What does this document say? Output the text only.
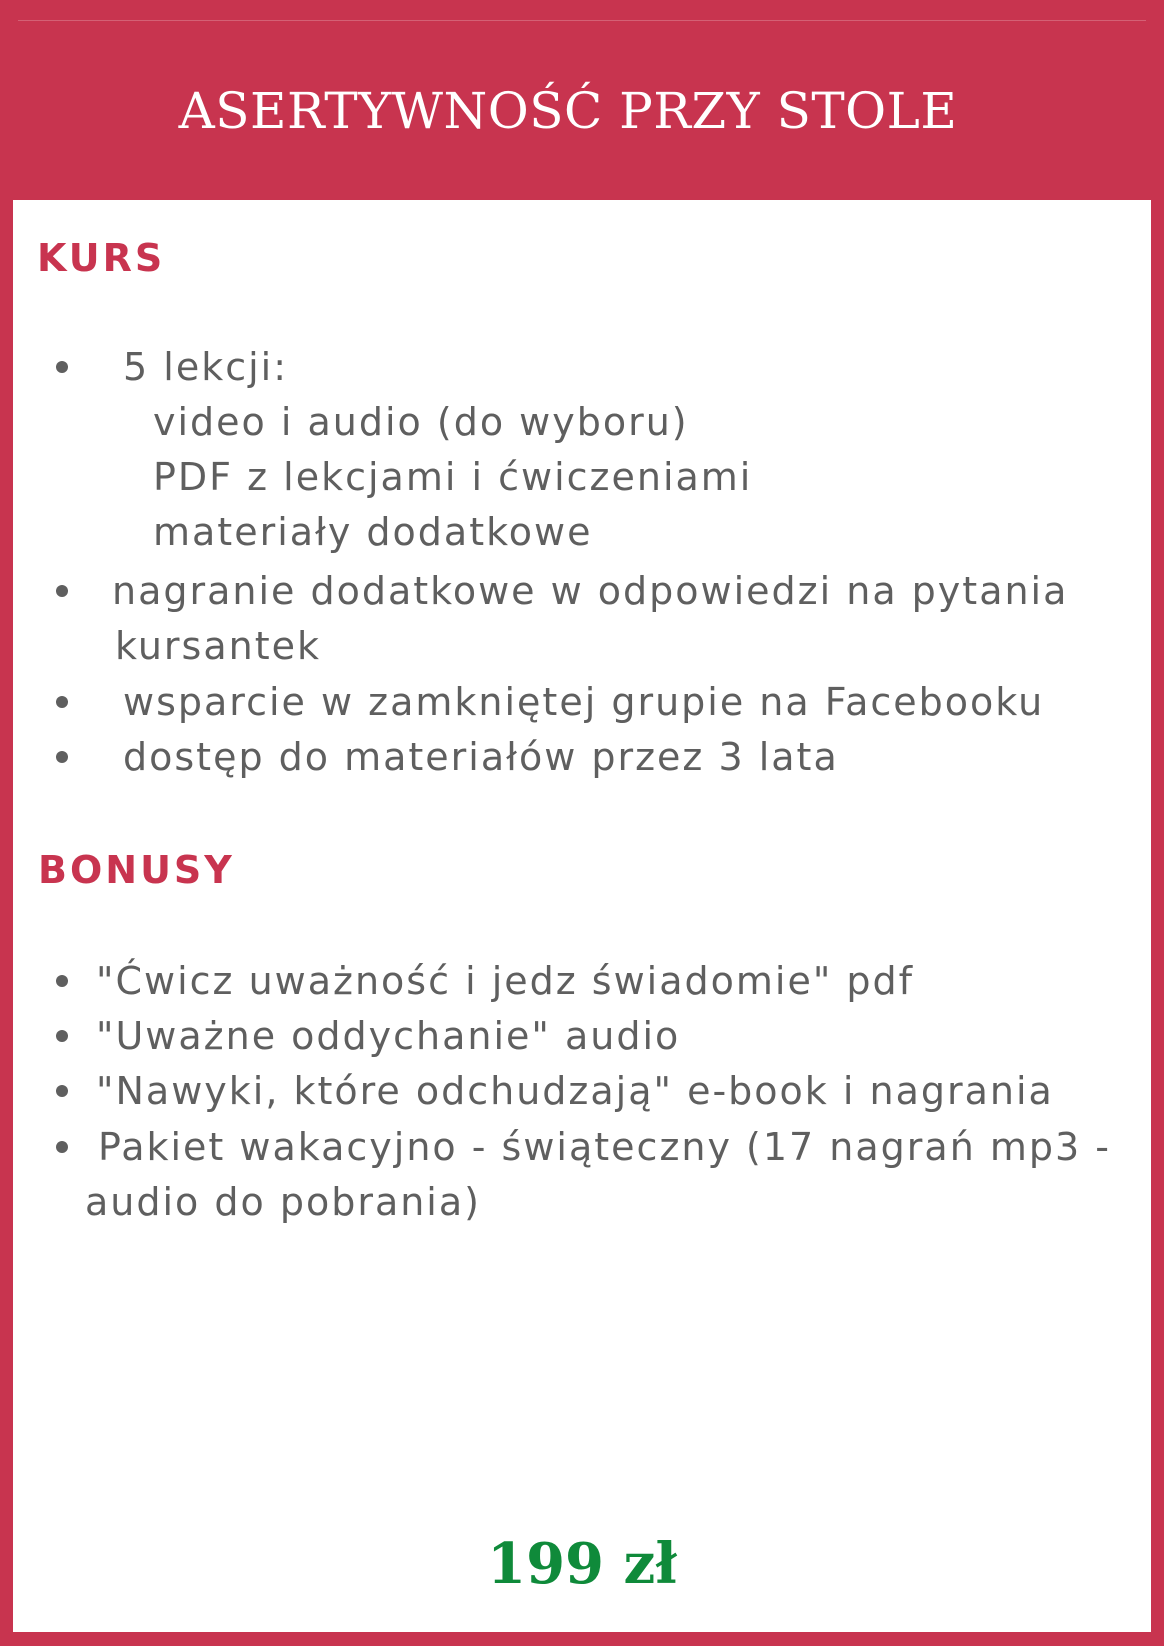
ASERTYWNOŚĆ PRZY STOLE
KURS
5 lekcji:
video i audio (do wyboru)
PDF z lekcjami i ćwiczeniami
materiały dodatkowe
nagranie dodatkowe w odpowiedzi na pytania
kursantek
wsparcie w zamkniętej grupie na Facebooku
dostęp do materiałów przez 3 lata
BONUSY
"Ćwicz uważność i jedz świadomie" pdf
"Uważne oddychanie" audio
"Nawyki, które odchudzają" e-book i nagrania
Pakiet wakacyjno - świąteczny (17 nagrań mp3 -
audio do pobrania)
199 zł
